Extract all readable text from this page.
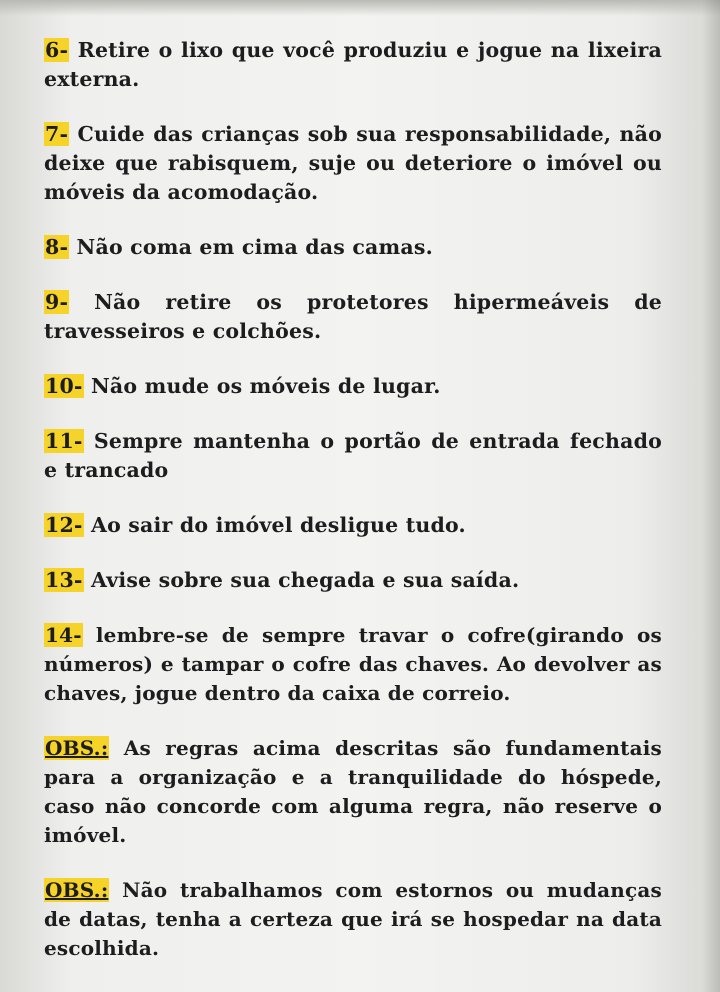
6- Retire o lixo que você produziu e jogue na lixeira externa.

7- Cuide das crianças sob sua responsabilidade, não deixe que rabisquem, suje ou deteriore o imóvel ou móveis da acomodação.

8- Não coma em cima das camas.

9- Não retire os protetores hipermeáveis de travesseiros e colchões.

10- Não mude os móveis de lugar.

11- Sempre mantenha o portão de entrada fechado e trancado

12- Ao sair do imóvel desligue tudo.

13- Avise sobre sua chegada e sua saída.

14- lembre-se de sempre travar o cofre(girando os números) e tampar o cofre das chaves. Ao devolver as chaves, jogue dentro da caixa de correio.

OBS.: As regras acima descritas são fundamentais para a organização e a tranquilidade do hóspede, caso não concorde com alguma regra, não reserve o imóvel.

OBS.: Não trabalhamos com estornos ou mudanças de datas, tenha a certeza que irá se hospedar na data escolhida.
